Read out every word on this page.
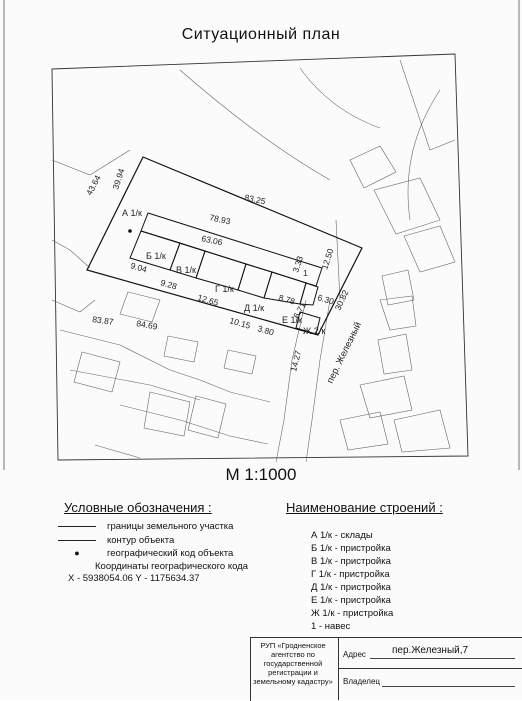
Ситуационный план
39.94
43.64
83.25
78.93
63.06
9.04
9.28
12.65
10.15 3.80
3.33
8.78
1
12.50
83.87	84.69
30.82
6.30
6.71
14.27
А 1/к
Б 1/к
В 1/к
Г 1/к
Д 1/к
Е 1/к
Ж 2/к пер. Железный
М 1:1000
Условные обозначения :
границы земельного участка
контур объекта
●	географический код объекта
Координаты географического кода
X - 5938054.06 Y - 1175634.37
Наименование строений :
А 1/к - склады
Б 1/к - пристройка
В 1/к - пристройка
Г 1/к - пристройка
Д 1/к - пристройка
Е 1/к - пристройка
Ж 1/к - пристройка
1 - навес
РУП «Гродненское агентство по государственной регистрации и земельному кадастру»
Адрес	пер.Железный,7
Владелец
